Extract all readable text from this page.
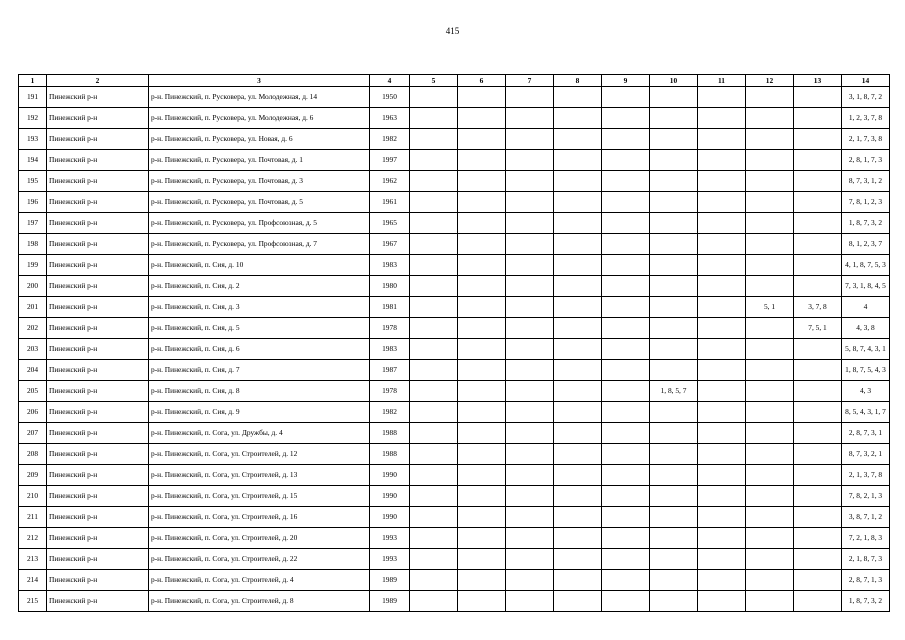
415
1	2	3	4	5	6	7	8	9	10	11	12	13	14
191	Пинежский р-н	р-н. Пинежский, п. Русковера, ул. Молодежная, д. 14	1950										3, 1, 8, 7, 2
192	Пинежский р-н	р-н. Пинежский, п. Русковера, ул. Молодежная, д. 6	1963										1, 2, 3, 7, 8
193	Пинежский р-н	р-н. Пинежский, п. Русковера, ул. Новая, д. 6	1982										2, 1, 7, 3, 8
194	Пинежский р-н	р-н. Пинежский, п. Русковера, ул. Почтовая, д. 1	1997										2, 8, 1, 7, 3
195	Пинежский р-н	р-н. Пинежский, п. Русковера, ул. Почтовая, д. 3	1962										8, 7, 3, 1, 2
196	Пинежский р-н	р-н. Пинежский, п. Русковера, ул. Почтовая, д. 5	1961										7, 8, 1, 2, 3
197	Пинежский р-н	р-н. Пинежский, п. Русковера, ул. Профсоюзная, д. 5	1965										1, 8, 7, 3, 2
198	Пинежский р-н	р-н. Пинежский, п. Русковера, ул. Профсоюзная, д. 7	1967										8, 1, 2, 3, 7
199	Пинежский р-н	р-н. Пинежский, п. Сия, д. 10	1983										4, 1, 8, 7, 5, 3
200	Пинежский р-н	р-н. Пинежский, п. Сия, д. 2	1980										7, 3, 1, 8, 4, 5
201	Пинежский р-н	р-н. Пинежский, п. Сия, д. 3	1981								5, 1	3, 7, 8	4
202	Пинежский р-н	р-н. Пинежский, п. Сия, д. 5	1978									7, 5, 1	4, 3, 8
203	Пинежский р-н	р-н. Пинежский, п. Сия, д. 6	1983										5, 8, 7, 4, 3, 1
204	Пинежский р-н	р-н. Пинежский, п. Сия, д. 7	1987										1, 8, 7, 5, 4, 3
205	Пинежский р-н	р-н. Пинежский, п. Сия, д. 8	1978						1, 8, 5, 7				4, 3
206	Пинежский р-н	р-н. Пинежский, п. Сия, д. 9	1982										8, 5, 4, 3, 1, 7
207	Пинежский р-н	р-н. Пинежский, п. Сога, ул. Дружбы, д. 4	1988										2, 8, 7, 3, 1
208	Пинежский р-н	р-н. Пинежский, п. Сога, ул. Строителей, д. 12	1988										8, 7, 3, 2, 1
209	Пинежский р-н	р-н. Пинежский, п. Сога, ул. Строителей, д. 13	1990										2, 1, 3, 7, 8
210	Пинежский р-н	р-н. Пинежский, п. Сога, ул. Строителей, д. 15	1990										7, 8, 2, 1, 3
211	Пинежский р-н	р-н. Пинежский, п. Сога, ул. Строителей, д. 16	1990										3, 8, 7, 1, 2
212	Пинежский р-н	р-н. Пинежский, п. Сога, ул. Строителей, д. 20	1993										7, 2, 1, 8, 3
213	Пинежский р-н	р-н. Пинежский, п. Сога, ул. Строителей, д. 22	1993										2, 1, 8, 7, 3
214	Пинежский р-н	р-н. Пинежский, п. Сога, ул. Строителей, д. 4	1989										2, 8, 7, 1, 3
215	Пинежский р-н	р-н. Пинежский, п. Сога, ул. Строителей, д. 8	1989										1, 8, 7, 3, 2
